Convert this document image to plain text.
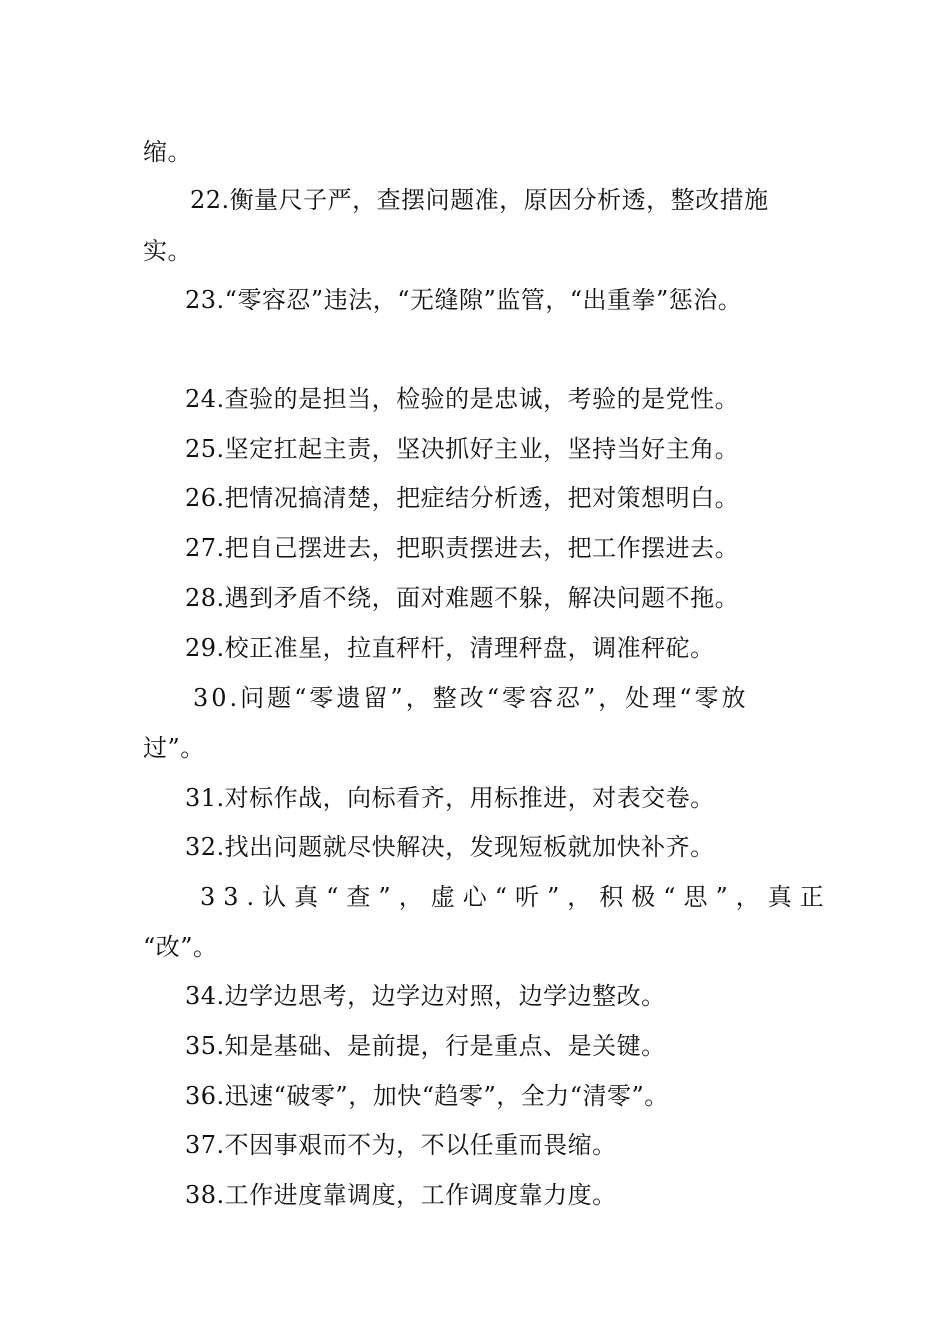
缩。
22.衡量尺子严，查摆问题准，原因分析透，整改措施
实。
23.“零容忍”违法，“无缝隙”监管，“出重拳”惩治。
24.查验的是担当，检验的是忠诚，考验的是党性。
25.坚定扛起主责，坚决抓好主业，坚持当好主角。
26.把情况搞清楚，把症结分析透，把对策想明白。
27.把自己摆进去，把职责摆进去，把工作摆进去。
28.遇到矛盾不绕，面对难题不躲，解决问题不拖。
29.校正准星，拉直秤杆，清理秤盘，调准秤砣。
30.问题“零遗留”，整改“零容忍”，处理“零放
过”。
31.对标作战，向标看齐，用标推进，对表交卷。
32.找出问题就尽快解决，发现短板就加快补齐。
33.认真“查”，虚心“听”，积极“思”，真正
“改”。
34.边学边思考，边学边对照，边学边整改。
35.知是基础、是前提，行是重点、是关键。
36.迅速“破零”，加快“趋零”，全力“清零”。
37.不因事艰而不为，不以任重而畏缩。
38.工作进度靠调度，工作调度靠力度。
